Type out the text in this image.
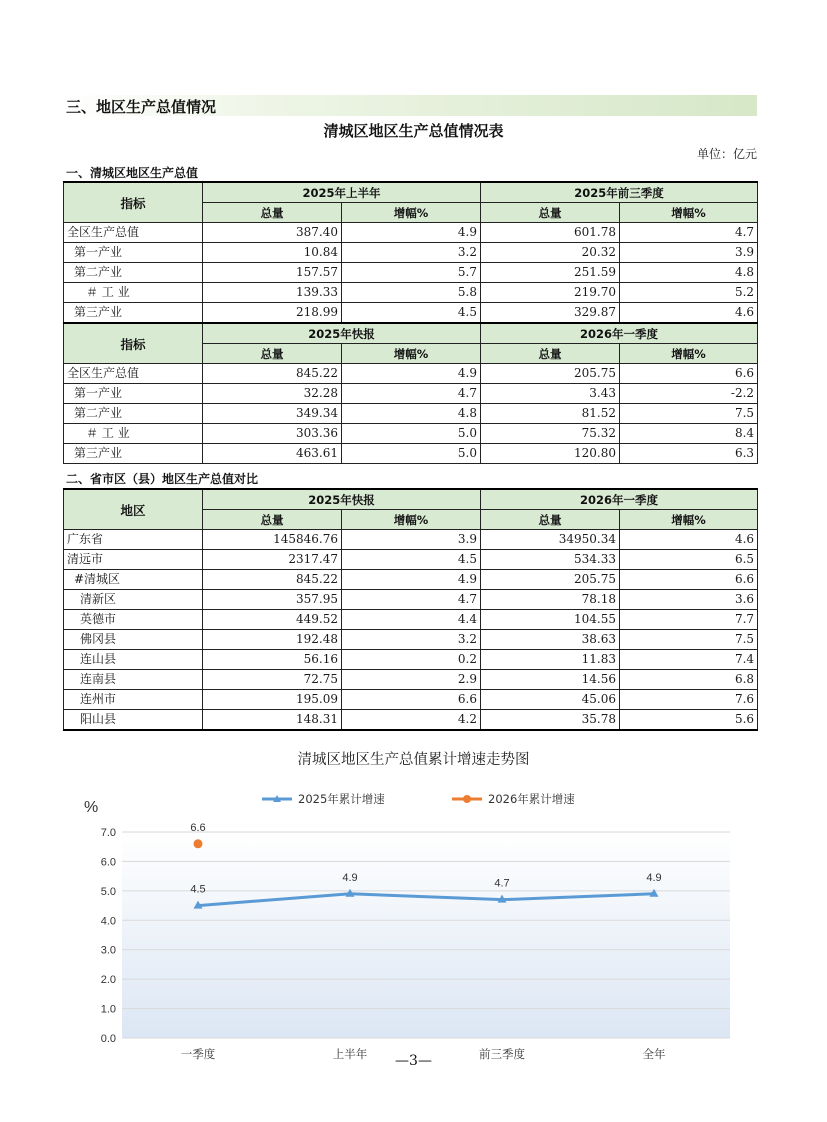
三、地区生产总值情况
清城区地区生产总值情况表
单位：亿元
一、清城区地区生产总值
指标	2025年上半年		2025年前三季度	
	总量	增幅%	总量	增幅%
全区生产总值	387.40	4.9	601.78	4.7
第一产业	10.84	3.2	20.32	3.9
第二产业	157.57	5.7	251.59	4.8
＃ 工 业	139.33	5.8	219.70	5.2
第三产业	218.99	4.5	329.87	4.6
指标	2025年快报		2026年一季度	
	总量	增幅%	总量	增幅%
全区生产总值	845.22	4.9	205.75	6.6
第一产业	32.28	4.7	3.43	-2.2
第二产业	349.34	4.8	81.52	7.5
＃ 工 业	303.36	5.0	75.32	8.4
第三产业	463.61	5.0	120.80	6.3
二、省市区（县）地区生产总值对比
地区	2025年快报		2026年一季度	
	总量	增幅%	总量	增幅%
广东省	145846.76	3.9	34950.34	4.6
清远市	2317.47	4.5	534.33	6.5
#清城区	845.22	4.9	205.75	6.6
清新区	357.95	4.7	78.18	3.6
英德市	449.52	4.4	104.55	7.7
佛冈县	192.48	3.2	38.63	7.5
连山县	56.16	0.2	11.83	7.4
连南县	72.75	2.9	14.56	6.8
连州市	195.09	6.6	45.06	7.6
阳山县	148.31	4.2	35.78	5.6
清城区地区生产总值累计增速走势图
0.0
1.0
2.0
3.0
4.0
5.0
6.0
7.0
%
一季度	上半年	前三季度	全年
2025年累计增速	2026年累计增速
4.5
4.9	4.7	4.9
6.6
—3—
